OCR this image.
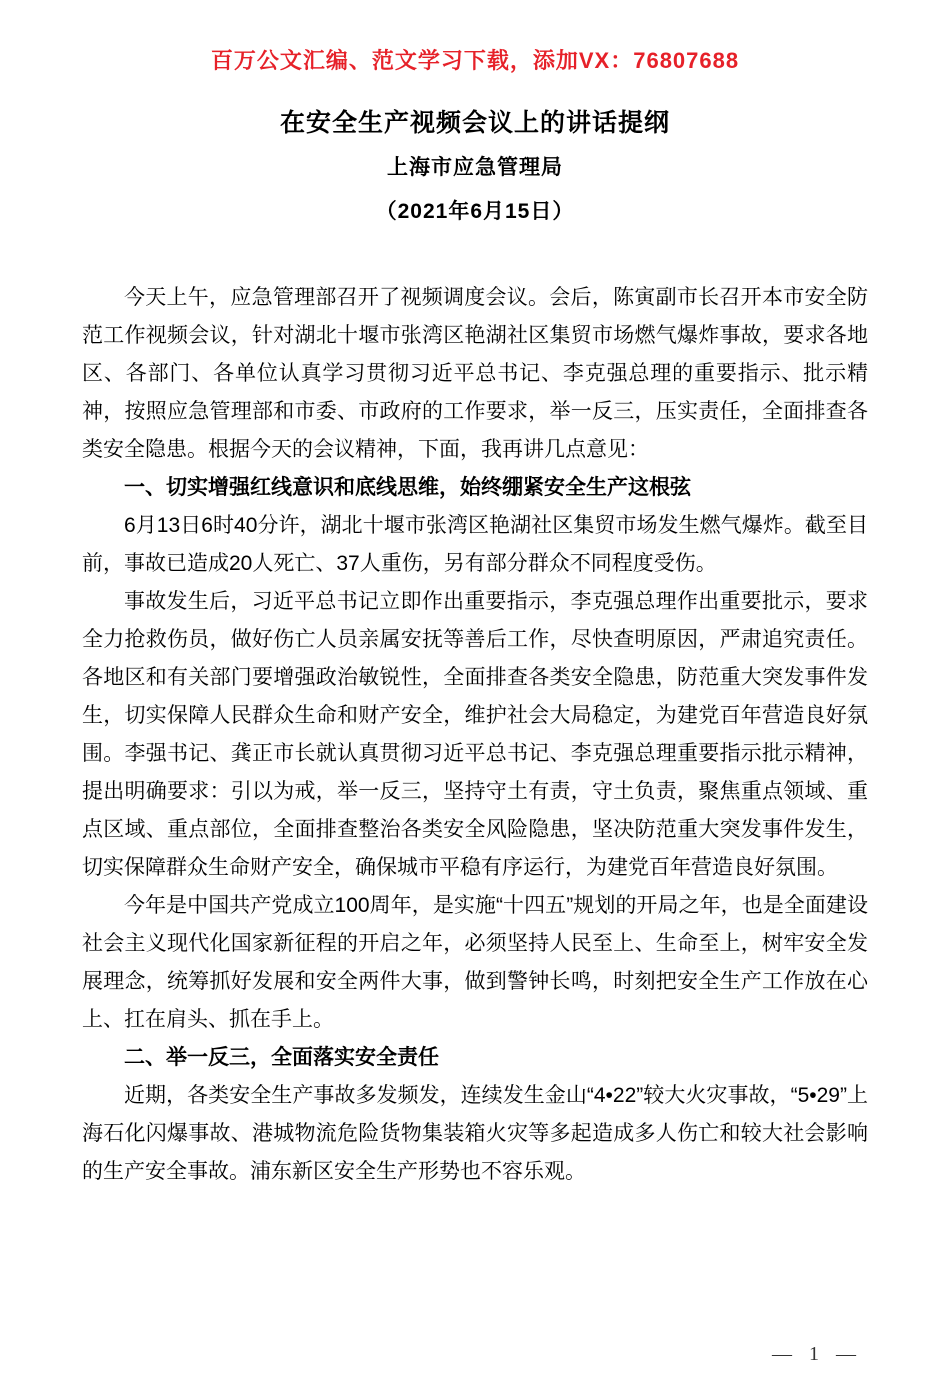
百万公文汇编、范文学习下载，添加VX：76807688
在安全生产视频会议上的讲话提纲
上海市应急管理局
（2021年6月15日）

今天上午，应急管理部召开了视频调度会议。会后，陈寅副市长召开本市安全防范工作视频会议，针对湖北十堰市张湾区艳湖社区集贸市场燃气爆炸事故，要求各地区、各部门、各单位认真学习贯彻习近平总书记、李克强总理的重要指示、批示精神，按照应急管理部和市委、市政府的工作要求，举一反三，压实责任，全面排查各类安全隐患。根据今天的会议精神，下面，我再讲几点意见：

一、切实增强红线意识和底线思维，始终绷紧安全生产这根弦

6月13日6时40分许，湖北十堰市张湾区艳湖社区集贸市场发生燃气爆炸。截至目前，事故已造成20人死亡、37人重伤，另有部分群众不同程度受伤。

事故发生后，习近平总书记立即作出重要指示，李克强总理作出重要批示，要求全力抢救伤员，做好伤亡人员亲属安抚等善后工作，尽快查明原因，严肃追究责任。各地区和有关部门要增强政治敏锐性，全面排查各类安全隐患，防范重大突发事件发生，切实保障人民群众生命和财产安全，维护社会大局稳定，为建党百年营造良好氛围。李强书记、龚正市长就认真贯彻习近平总书记、李克强总理重要指示批示精神，提出明确要求：引以为戒，举一反三，坚持守土有责，守土负责，聚焦重点领域、重点区域、重点部位，全面排查整治各类安全风险隐患，坚决防范重大突发事件发生，切实保障群众生命财产安全，确保城市平稳有序运行，为建党百年营造良好氛围。

今年是中国共产党成立100周年，是实施“十四五”规划的开局之年，也是全面建设社会主义现代化国家新征程的开启之年，必须坚持人民至上、生命至上，树牢安全发展理念，统筹抓好发展和安全两件大事，做到警钟长鸣，时刻把安全生产工作放在心上、扛在肩头、抓在手上。

二、举一反三，全面落实安全责任

近期，各类安全生产事故多发频发，连续发生金山“4•22”较大火灾事故，“5•29”上海石化闪爆事故、港城物流危险货物集装箱火灾等多起造成多人伤亡和较大社会影响的生产安全事故。浦东新区安全生产形势也不容乐观。

— 1 —
